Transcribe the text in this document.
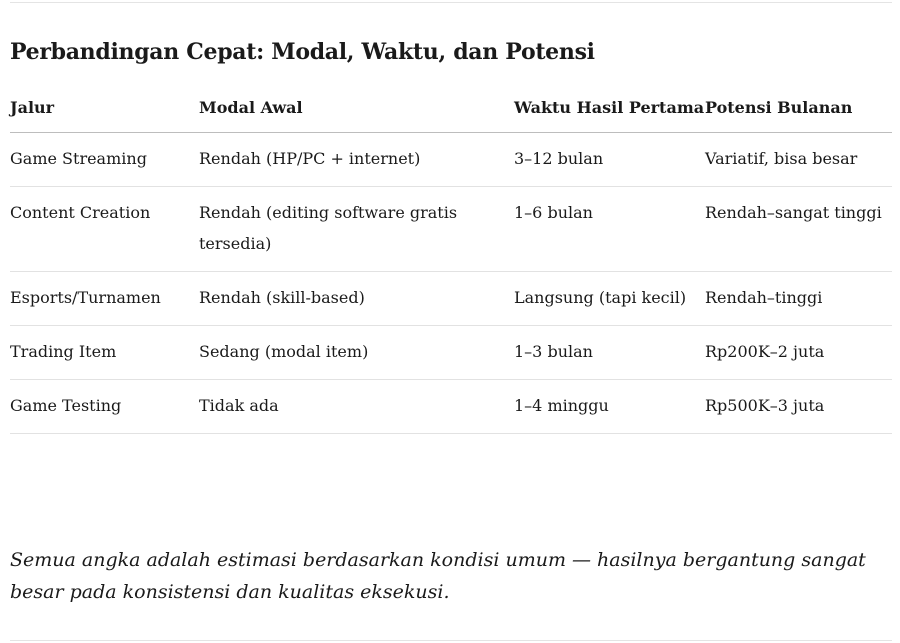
Perbandingan Cepat: Modal, Waktu, dan Potensi
Jalur	Modal Awal	Waktu Hasil Pertama	Potensi Bulanan
Game Streaming	Rendah (HP/PC + internet)	3–12 bulan	Variatif, bisa besar
Content Creation	Rendah (editing software gratis tersedia)	1–6 bulan	Rendah–sangat tinggi
Esports/Turnamen	Rendah (skill-based)	Langsung (tapi kecil)	Rendah–tinggi
Trading Item	Sedang (modal item)	1–3 bulan	Rp200K–2 juta
Game Testing	Tidak ada	1–4 minggu	Rp500K–3 juta

Semua angka adalah estimasi berdasarkan kondisi umum — hasilnya bergantung sangat besar pada konsistensi dan kualitas eksekusi.
